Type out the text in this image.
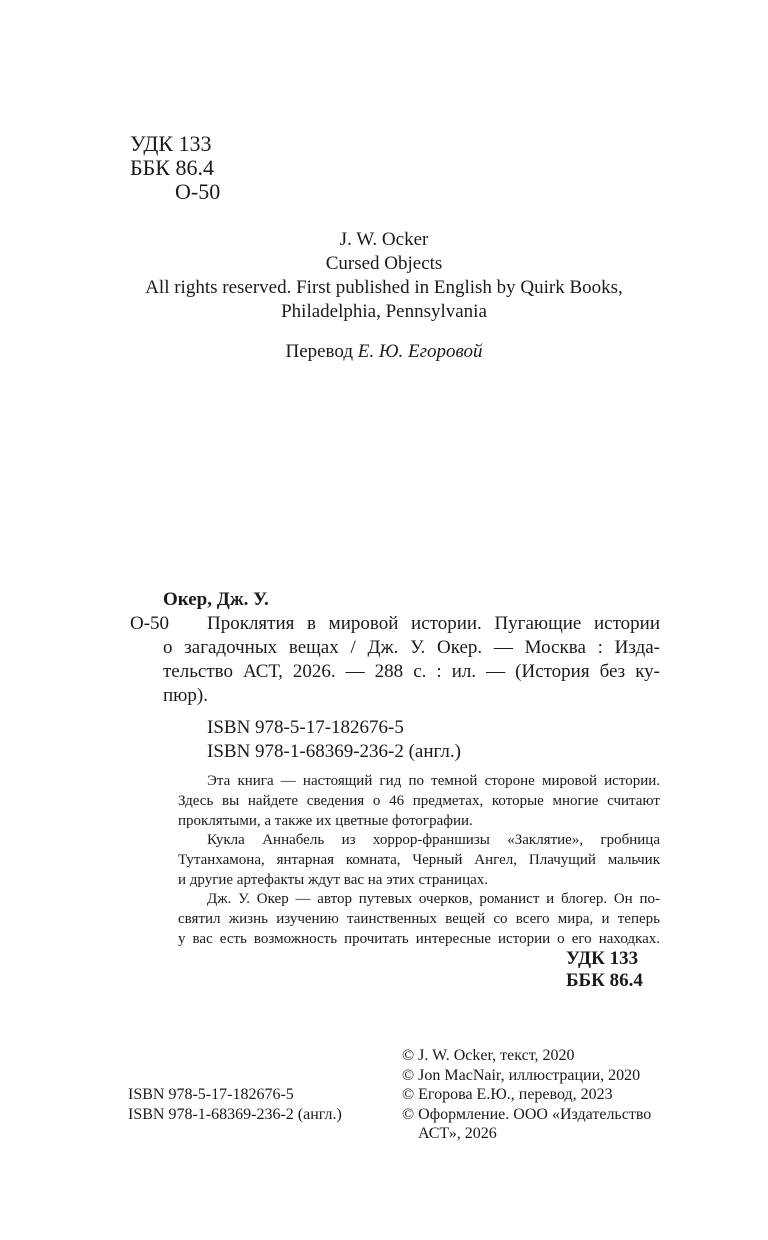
УДК 133
ББК 86.4
О-50
J. W. Ocker
Cursed Objects
All rights reserved. First published in English by Quirk Books,
Philadelphia, Pennsylvania
Перевод Е. Ю. Егоровой
Окер, Дж. У.
О-50 Проклятия в мировой истории. Пугающие истории
о загадочных вещах / Дж. У. Окер. — Москва : Изда-
тельство АСТ, 2026. — 288 с. : ил. — (История без ку-
пюр).
ISBN 978-5-17-182676-5
ISBN 978-1-68369-236-2 (англ.)
Эта книга — настоящий гид по темной стороне мировой истории.
Здесь вы найдете сведения о 46 предметах, которые многие считают
проклятыми, а также их цветные фотографии.
Кукла Аннабель из хоррор-франшизы «Заклятие», гробница
Тутанхамона, янтарная комната, Черный Ангел, Плачущий мальчик
и другие артефакты ждут вас на этих страницах.
Дж. У. Окер — автор путевых очерков, романист и блогер. Он по-
святил жизнь изучению таинственных вещей со всего мира, и теперь
у вас есть возможность прочитать интересные истории о его находках.
УДК 133
ББК 86.4
ISBN 978-5-17-182676-5
ISBN 978-1-68369-236-2 (англ.)
© J. W. Ocker, текст, 2020
© Jon MacNair, иллюстрации, 2020
© Егорова Е.Ю., перевод, 2023
© Оформление. ООО «Издательство
АСТ», 2026
